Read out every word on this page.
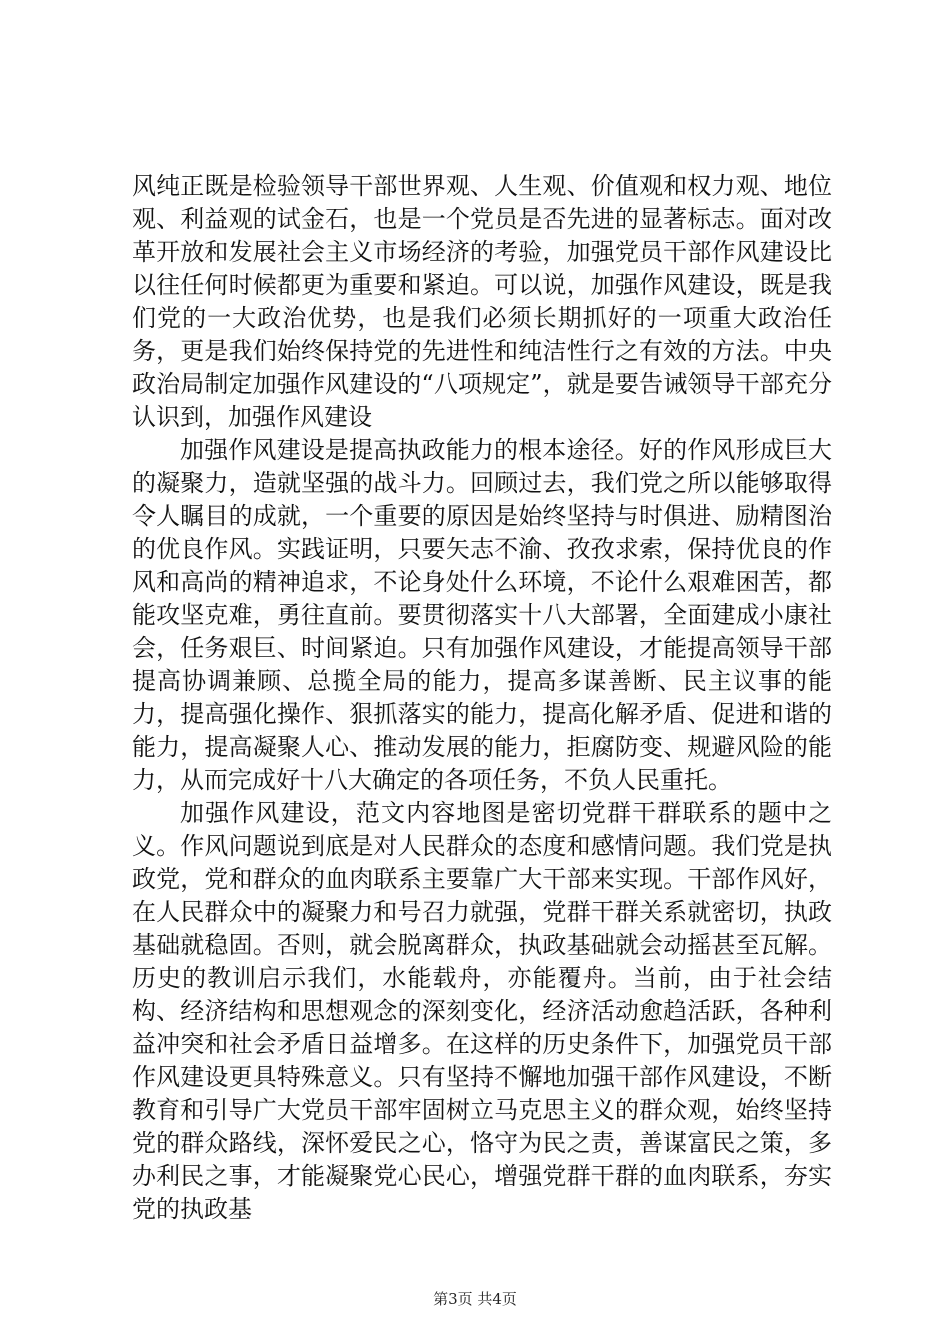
风纯正既是检验领导干部世界观、人生观、价值观和权力观、地位观、利益观的试金石，也是一个党员是否先进的显著标志。面对改革开放和发展社会主义市场经济的考验，加强党员干部作风建设比以往任何时候都更为重要和紧迫。可以说，加强作风建设，既是我们党的一大政治优势，也是我们必须长期抓好的一项重大政治任务，更是我们始终保持党的先进性和纯洁性行之有效的方法。中央政治局制定加强作风建设的“八项规定”，就是要告诫领导干部充分认识到，加强作风建设

加强作风建设是提高执政能力的根本途径。好的作风形成巨大的凝聚力，造就坚强的战斗力。回顾过去，我们党之所以能够取得令人瞩目的成就，一个重要的原因是始终坚持与时俱进、励精图治的优良作风。实践证明，只要矢志不渝、孜孜求索，保持优良的作风和高尚的精神追求，不论身处什么环境，不论什么艰难困苦，都能攻坚克难，勇往直前。要贯彻落实十八大部署，全面建成小康社会，任务艰巨、时间紧迫。只有加强作风建设，才能提高领导干部提高协调兼顾、总揽全局的能力，提高多谋善断、民主议事的能力，提高强化操作、狠抓落实的能力，提高化解矛盾、促进和谐的能力，提高凝聚人心、推动发展的能力，拒腐防变、规避风险的能力，从而完成好十八大确定的各项任务，不负人民重托。

加强作风建设，范文内容地图是密切党群干群联系的题中之义。作风问题说到底是对人民群众的态度和感情问题。我们党是执政党，党和群众的血肉联系主要靠广大干部来实现。干部作风好，在人民群众中的凝聚力和号召力就强，党群干群关系就密切，执政基础就稳固。否则，就会脱离群众，执政基础就会动摇甚至瓦解。历史的教训启示我们，水能载舟，亦能覆舟。当前，由于社会结构、经济结构和思想观念的深刻变化，经济活动愈趋活跃，各种利益冲突和社会矛盾日益增多。在这样的历史条件下，加强党员干部作风建设更具特殊意义。只有坚持不懈地加强干部作风建设，不断教育和引导广大党员干部牢固树立马克思主义的群众观，始终坚持党的群众路线，深怀爱民之心，恪守为民之责，善谋富民之策，多办利民之事，才能凝聚党心民心，增强党群干群的血肉联系，夯实党的执政基

第3页 共4页
